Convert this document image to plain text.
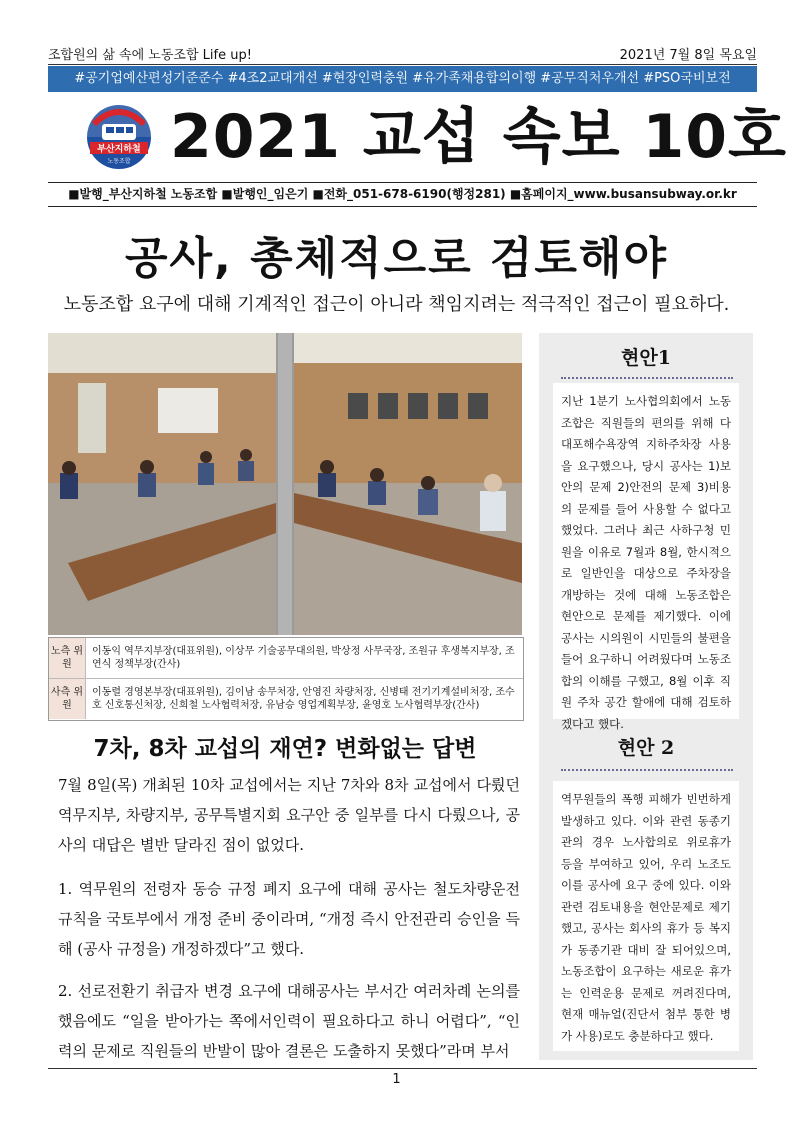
조합원의 삶 속에 노동조합 Life up!	2021년 7월 8일 목요일
#공기업예산편성기준준수 #4조2교대개선 #현장인력충원 #유가족채용합의이행 #공무직처우개선 #PSO국비보전
부산지하철
노동조합 2021 교섭 속보 10호
■발행_부산지하철 노동조합 ■발행인_임은기 ■전화_051-678-6190(행정281) ■홈페이지_www.busansubway.or.kr
공사, 총체적으로 검토해야
노동조합 요구에 대해 기계적인 접근이 아니라 책임지려는 적극적인 접근이 필요하다.
노측 위원
이동익 역무지부장(대표위원), 이상무 기술공무대의원, 박상정 사무국장, 조원규 후생복지부장, 조연식 정책부장(간사)
사측 위원
이동렬 경영본부장(대표위원), 김이남 송무처장, 안영진 차량처장, 신병태 전기기계설비처장, 조수호 신호통신처장, 신희철 노사협력처장, 유남승 영업계획부장, 윤영호 노사협력부장(간사)
7차, 8차 교섭의 재연? 변화없는 답변
7월 8일(목) 개최된 10차 교섭에서는 지난 7차와 8차 교섭에서 다뤘던 역무지부, 차량지부, 공무특별지회 요구안 중 일부를 다시 다뤘으나, 공사의 대답은 별반 달라진 점이 없었다.
1. 역무원의 전령자 동승 규정 폐지 요구에 대해 공사는 철도차량운전 규칙을 국토부에서 개정 준비 중이라며, “개정 즉시 안전관리 승인을 득해 (공사 규정을) 개정하겠다”고 했다.
2. 선로전환기 취급자 변경 요구에 대해공사는 부서간 여러차례 논의를 했음에도 “일을 받아가는 쪽에서인력이 필요하다고 하니 어렵다”, “인력의 문제로 직원들의 반발이 많아 결론은 도출하지 못했다”라며 부서
현안1
지난 1분기 노사협의회에서 노동조합은 직원들의 편의를 위해 다대포해수욕장역 지하주차장 사용을 요구했으나, 당시 공사는 1)보안의 문제 2)안전의 문제 3)비용의 문제를 들어 사용할 수 없다고 했었다. 그러나 최근 사하구청 민원을 이유로 7월과 8월, 한시적으로 일반인을 대상으로 주차장을 개방하는 것에 대해 노동조합은 현안으로 문제를 제기했다. 이에 공사는 시의원이 시민들의 불편을 들어 요구하니 어려웠다며 노동조합의 이해를 구했고, 8월 이후 직원 주차 공간 할애에 대해 검토하겠다고 했다.
현안 2
역무원들의 폭행 피해가 빈번하게 발생하고 있다. 이와 관련 동종기관의 경우 노사합의로 위로휴가 등을 부여하고 있어, 우리 노조도 이를 공사에 요구 중에 있다. 이와 관련 검토내용을 현안문제로 제기했고, 공사는 회사의 휴가 등 복지가 동종기관 대비 잘 되어있으며, 노동조합이 요구하는 새로운 휴가는 인력운용 문제로 꺼려진다며, 현재 매뉴얼(진단서 첨부 통한 병가 사용)로도 충분하다고 했다.
1
